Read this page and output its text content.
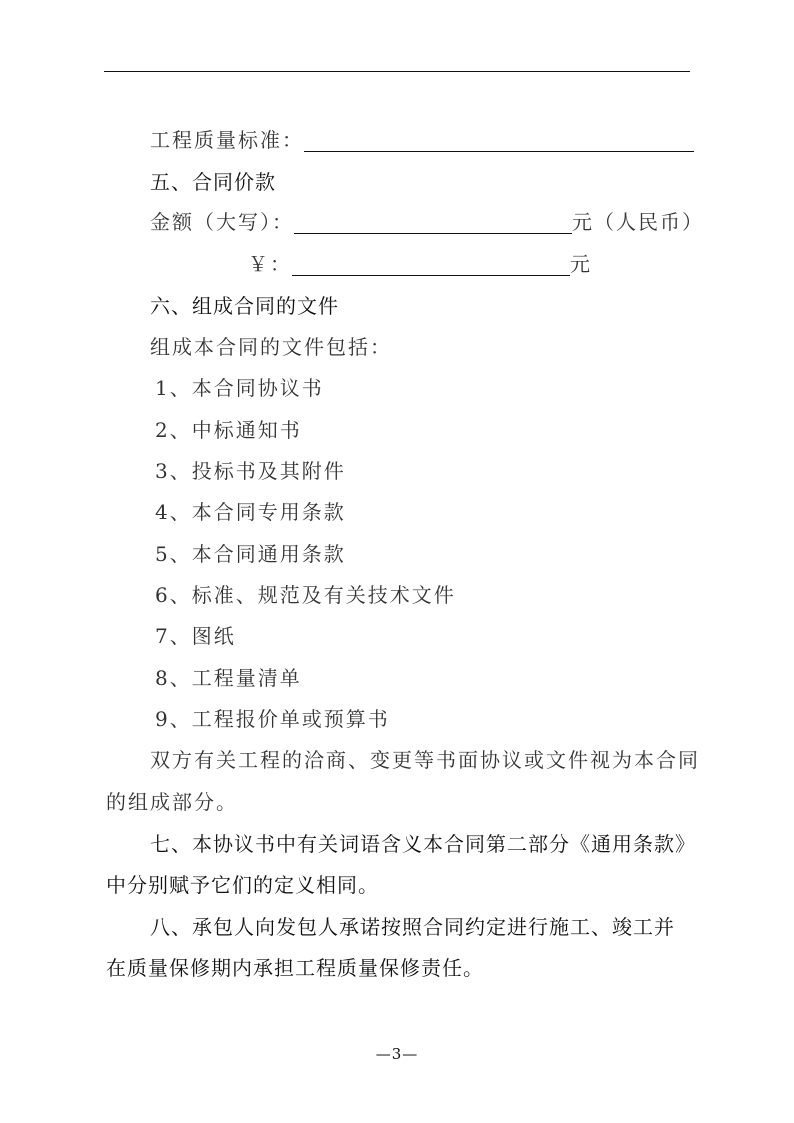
工程质量标准：
五、合同价款
金额（大写）：	元（人民币）
￥：	元
六、组成合同的文件
组成本合同的文件包括：
1、本合同协议书
2、中标通知书
3、投标书及其附件
4、本合同专用条款
5、本合同通用条款
6、标准、规范及有关技术文件
7、图纸
8、工程量清单
9、工程报价单或预算书
双方有关工程的洽商、变更等书面协议或文件视为本合同
的组成部分。
七、本协议书中有关词语含义本合同第二部分《通用条款》
中分别赋予它们的定义相同。
八、承包人向发包人承诺按照合同约定进行施工、竣工并
在质量保修期内承担工程质量保修责任。
—3—
